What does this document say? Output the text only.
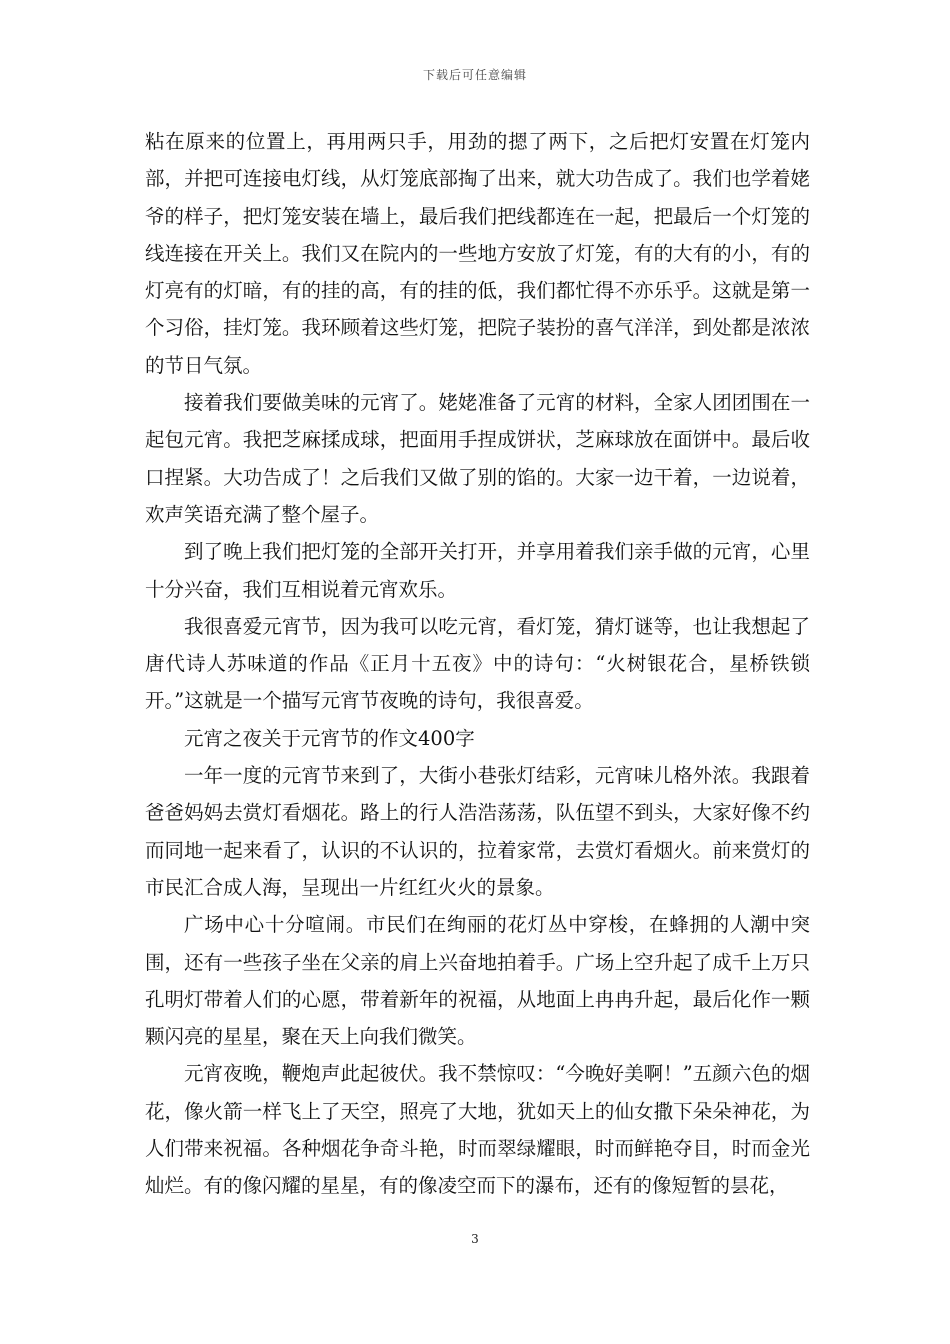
下载后可任意编辑

粘在原来的位置上，再用两只手，用劲的摁了两下，之后把灯安置在灯笼内部，并把可连接电灯线，从灯笼底部掏了出来，就大功告成了。我们也学着姥爷的样子，把灯笼安装在墙上，最后我们把线都连在一起，把最后一个灯笼的线连接在开关上。我们又在院内的一些地方安放了灯笼，有的大有的小，有的灯亮有的灯暗，有的挂的高，有的挂的低，我们都忙得不亦乐乎。这就是第一个习俗，挂灯笼。我环顾着这些灯笼，把院子装扮的喜气洋洋，到处都是浓浓的节日气氛。

接着我们要做美味的元宵了。姥姥准备了元宵的材料，全家人团团围在一起包元宵。我把芝麻揉成球，把面用手捏成饼状，芝麻球放在面饼中。最后收口捏紧。大功告成了！之后我们又做了别的馅的。大家一边干着，一边说着，欢声笑语充满了整个屋子。

到了晚上我们把灯笼的全部开关打开，并享用着我们亲手做的元宵，心里十分兴奋，我们互相说着元宵欢乐。

我很喜爱元宵节，因为我可以吃元宵，看灯笼，猜灯谜等，也让我想起了唐代诗人苏味道的作品《正月十五夜》中的诗句：“火树银花合，星桥铁锁开。”这就是一个描写元宵节夜晚的诗句，我很喜爱。

元宵之夜关于元宵节的作文400字

一年一度的元宵节来到了，大街小巷张灯结彩，元宵味儿格外浓。我跟着爸爸妈妈去赏灯看烟花。路上的行人浩浩荡荡，队伍望不到头，大家好像不约而同地一起来看了，认识的不认识的，拉着家常，去赏灯看烟火。前来赏灯的市民汇合成人海，呈现出一片红红火火的景象。

广场中心十分喧闹。市民们在绚丽的花灯丛中穿梭，在蜂拥的人潮中突围，还有一些孩子坐在父亲的肩上兴奋地拍着手。广场上空升起了成千上万只孔明灯带着人们的心愿，带着新年的祝福，从地面上冉冉升起，最后化作一颗颗闪亮的星星，聚在天上向我们微笑。

元宵夜晚，鞭炮声此起彼伏。我不禁惊叹：“今晚好美啊！”五颜六色的烟花，像火箭一样飞上了天空，照亮了大地，犹如天上的仙女撒下朵朵神花，为人们带来祝福。各种烟花争奇斗艳，时而翠绿耀眼，时而鲜艳夺目，时而金光灿烂。有的像闪耀的星星，有的像凌空而下的瀑布，还有的像短暂的昙花，

3
